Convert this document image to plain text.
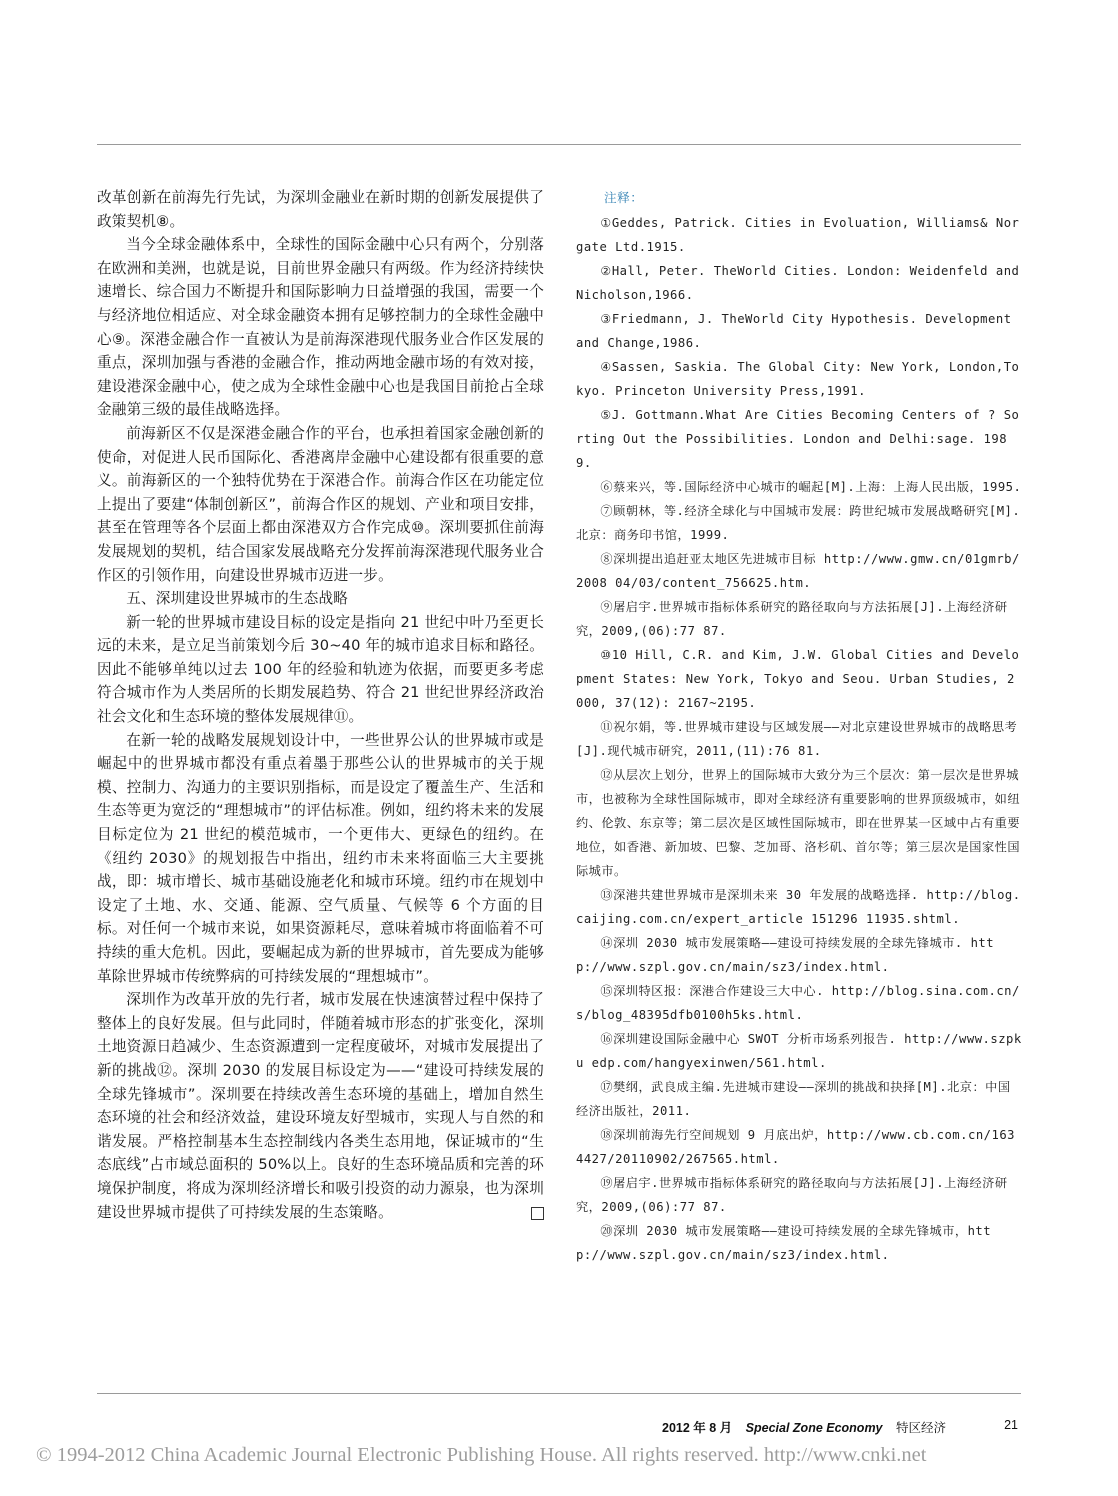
改革创新在前海先行先试，为深圳金融业在新时期的创新发展提供了政策契机⑧。

当今全球金融体系中，全球性的国际金融中心只有两个，分别落在欧洲和美洲，也就是说，目前世界金融只有两级。作为经济持续快速增长、综合国力不断提升和国际影响力日益增强的我国，需要一个与经济地位相适应、对全球金融资本拥有足够控制力的全球性金融中心⑨。深港金融合作一直被认为是前海深港现代服务业合作区发展的重点，深圳加强与香港的金融合作，推动两地金融市场的有效对接，建设港深金融中心，使之成为全球性金融中心也是我国目前抢占全球金融第三级的最佳战略选择。

前海新区不仅是深港金融合作的平台，也承担着国家金融创新的使命，对促进人民币国际化、香港离岸金融中心建设都有很重要的意义。前海新区的一个独特优势在于深港合作。前海合作区在功能定位上提出了要建“体制创新区”，前海合作区的规划、产业和项目安排，甚至在管理等各个层面上都由深港双方合作完成⑩。深圳要抓住前海发展规划的契机，结合国家发展战略充分发挥前海深港现代服务业合作区的引领作用，向建设世界城市迈进一步。

五、深圳建设世界城市的生态战略

新一轮的世界城市建设目标的设定是指向 21 世纪中叶乃至更长远的未来，是立足当前策划今后 30~40 年的城市追求目标和路径。因此不能够单纯以过去 100 年的经验和轨迹为依据，而要更多考虑符合城市作为人类居所的长期发展趋势、符合 21 世纪世界经济政治社会文化和生态环境的整体发展规律⑪。

在新一轮的战略发展规划设计中，一些世界公认的世界城市或是崛起中的世界城市都没有重点着墨于那些公认的世界城市的关于规模、控制力、沟通力的主要识别指标，而是设定了覆盖生产、生活和生态等更为宽泛的“理想城市”的评估标准。例如，纽约将未来的发展目标定位为 21 世纪的模范城市，一个更伟大、更绿色的纽约。在《纽约 2030》的规划报告中指出，纽约市未来将面临三大主要挑战，即：城市增长、城市基础设施老化和城市环境。纽约市在规划中设定了土地、水、交通、能源、空气质量、气候等 6 个方面的目标。对任何一个城市来说，如果资源耗尽，意味着城市将面临着不可持续的重大危机。因此，要崛起成为新的世界城市，首先要成为能够革除世界城市传统弊病的可持续发展的“理想城市”。

深圳作为改革开放的先行者，城市发展在快速演替过程中保持了整体上的良好发展。但与此同时，伴随着城市形态的扩张变化，深圳土地资源日趋减少、生态资源遭到一定程度破坏，对城市发展提出了新的挑战⑫。深圳 2030 的发展目标设定为——“建设可持续发展的全球先锋城市”。深圳要在持续改善生态环境的基础上，增加自然生态环境的社会和经济效益，建设环境友好型城市，实现人与自然的和谐发展。严格控制基本生态控制线内各类生态用地，保证城市的“生态底线”占市域总面积的 50%以上。良好的生态环境品质和完善的环境保护制度，将成为深圳经济增长和吸引投资的动力源泉，也为深圳建设世界城市提供了可持续发展的生态策略。

注释：

①Geddes, Patrick. Cities in Evoluation, Williams& Norgate Ltd.1915.

②Hall, Peter. TheWorld Cities. London: Weidenfeld and Nicholson,1966.

③Friedmann, J. TheWorld City Hypothesis. Development and Change,1986.

④Sassen, Saskia. The Global City: New York, London,Tokyo. Princeton University Press,1991.

⑤J. Gottmann.What Are Cities Becoming Centers of ? Sorting Out the Possibilities. London and Delhi:sage. 1989.

⑥蔡来兴，等.国际经济中心城市的崛起[M].上海：上海人民出版，1995.

⑦顾朝林，等.经济全球化与中国城市发展：跨世纪城市发展战略研究[M].北京：商务印书馆，1999.

⑧深圳提出追赶亚太地区先进城市目标 http://www.gmw.cn/01gmrb/2008 04/03/content_756625.htm.

⑨屠启宇.世界城市指标体系研究的路径取向与方法拓展[J].上海经济研究，2009,(06):77 87.

⑩10 Hill, C.R. and Kim, J.W. Global Cities and Development States: New York, Tokyo and Seou. Urban Studies, 2000, 37(12): 2167~2195.

⑪祝尔娟，等.世界城市建设与区域发展——对北京建设世界城市的战略思考[J].现代城市研究，2011,(11):76 81.

⑫从层次上划分，世界上的国际城市大致分为三个层次：第一层次是世界城市，也被称为全球性国际城市，即对全球经济有重要影响的世界顶级城市，如纽约、伦敦、东京等；第二层次是区域性国际城市，即在世界某一区域中占有重要地位，如香港、新加坡、巴黎、芝加哥、洛杉矶、首尔等；第三层次是国家性国际城市。

⑬深港共建世界城市是深圳未来 30 年发展的战略选择. http://blog.caijing.com.cn/expert_article 151296 11935.shtml.

⑭深圳 2030 城市发展策略——建设可持续发展的全球先锋城市. http://www.szpl.gov.cn/main/sz3/index.html.

⑮深圳特区报：深港合作建设三大中心. http://blog.sina.com.cn/s/blog_48395dfb0100h5ks.html.

⑯深圳建设国际金融中心 SWOT 分析市场系列报告. http://www.szpku edp.com/hangyexinwen/561.html.

⑰樊纲，武良成主编.先进城市建设——深圳的挑战和抉择[M].北京：中国经济出版社，2011.

⑱深圳前海先行空间规划 9 月底出炉，http://www.cb.com.cn/1634427/20110902/267565.html.

⑲屠启宇.世界城市指标体系研究的路径取向与方法拓展[J].上海经济研究，2009,(06):77 87.

⑳深圳 2030 城市发展策略——建设可持续发展的全球先锋城市，http://www.szpl.gov.cn/main/sz3/index.html.

2012 年 8 月 Special Zone Economy 特区经济	21
© 1994-2012 China Academic Journal Electronic Publishing House. All rights reserved. http://www.cnki.net
